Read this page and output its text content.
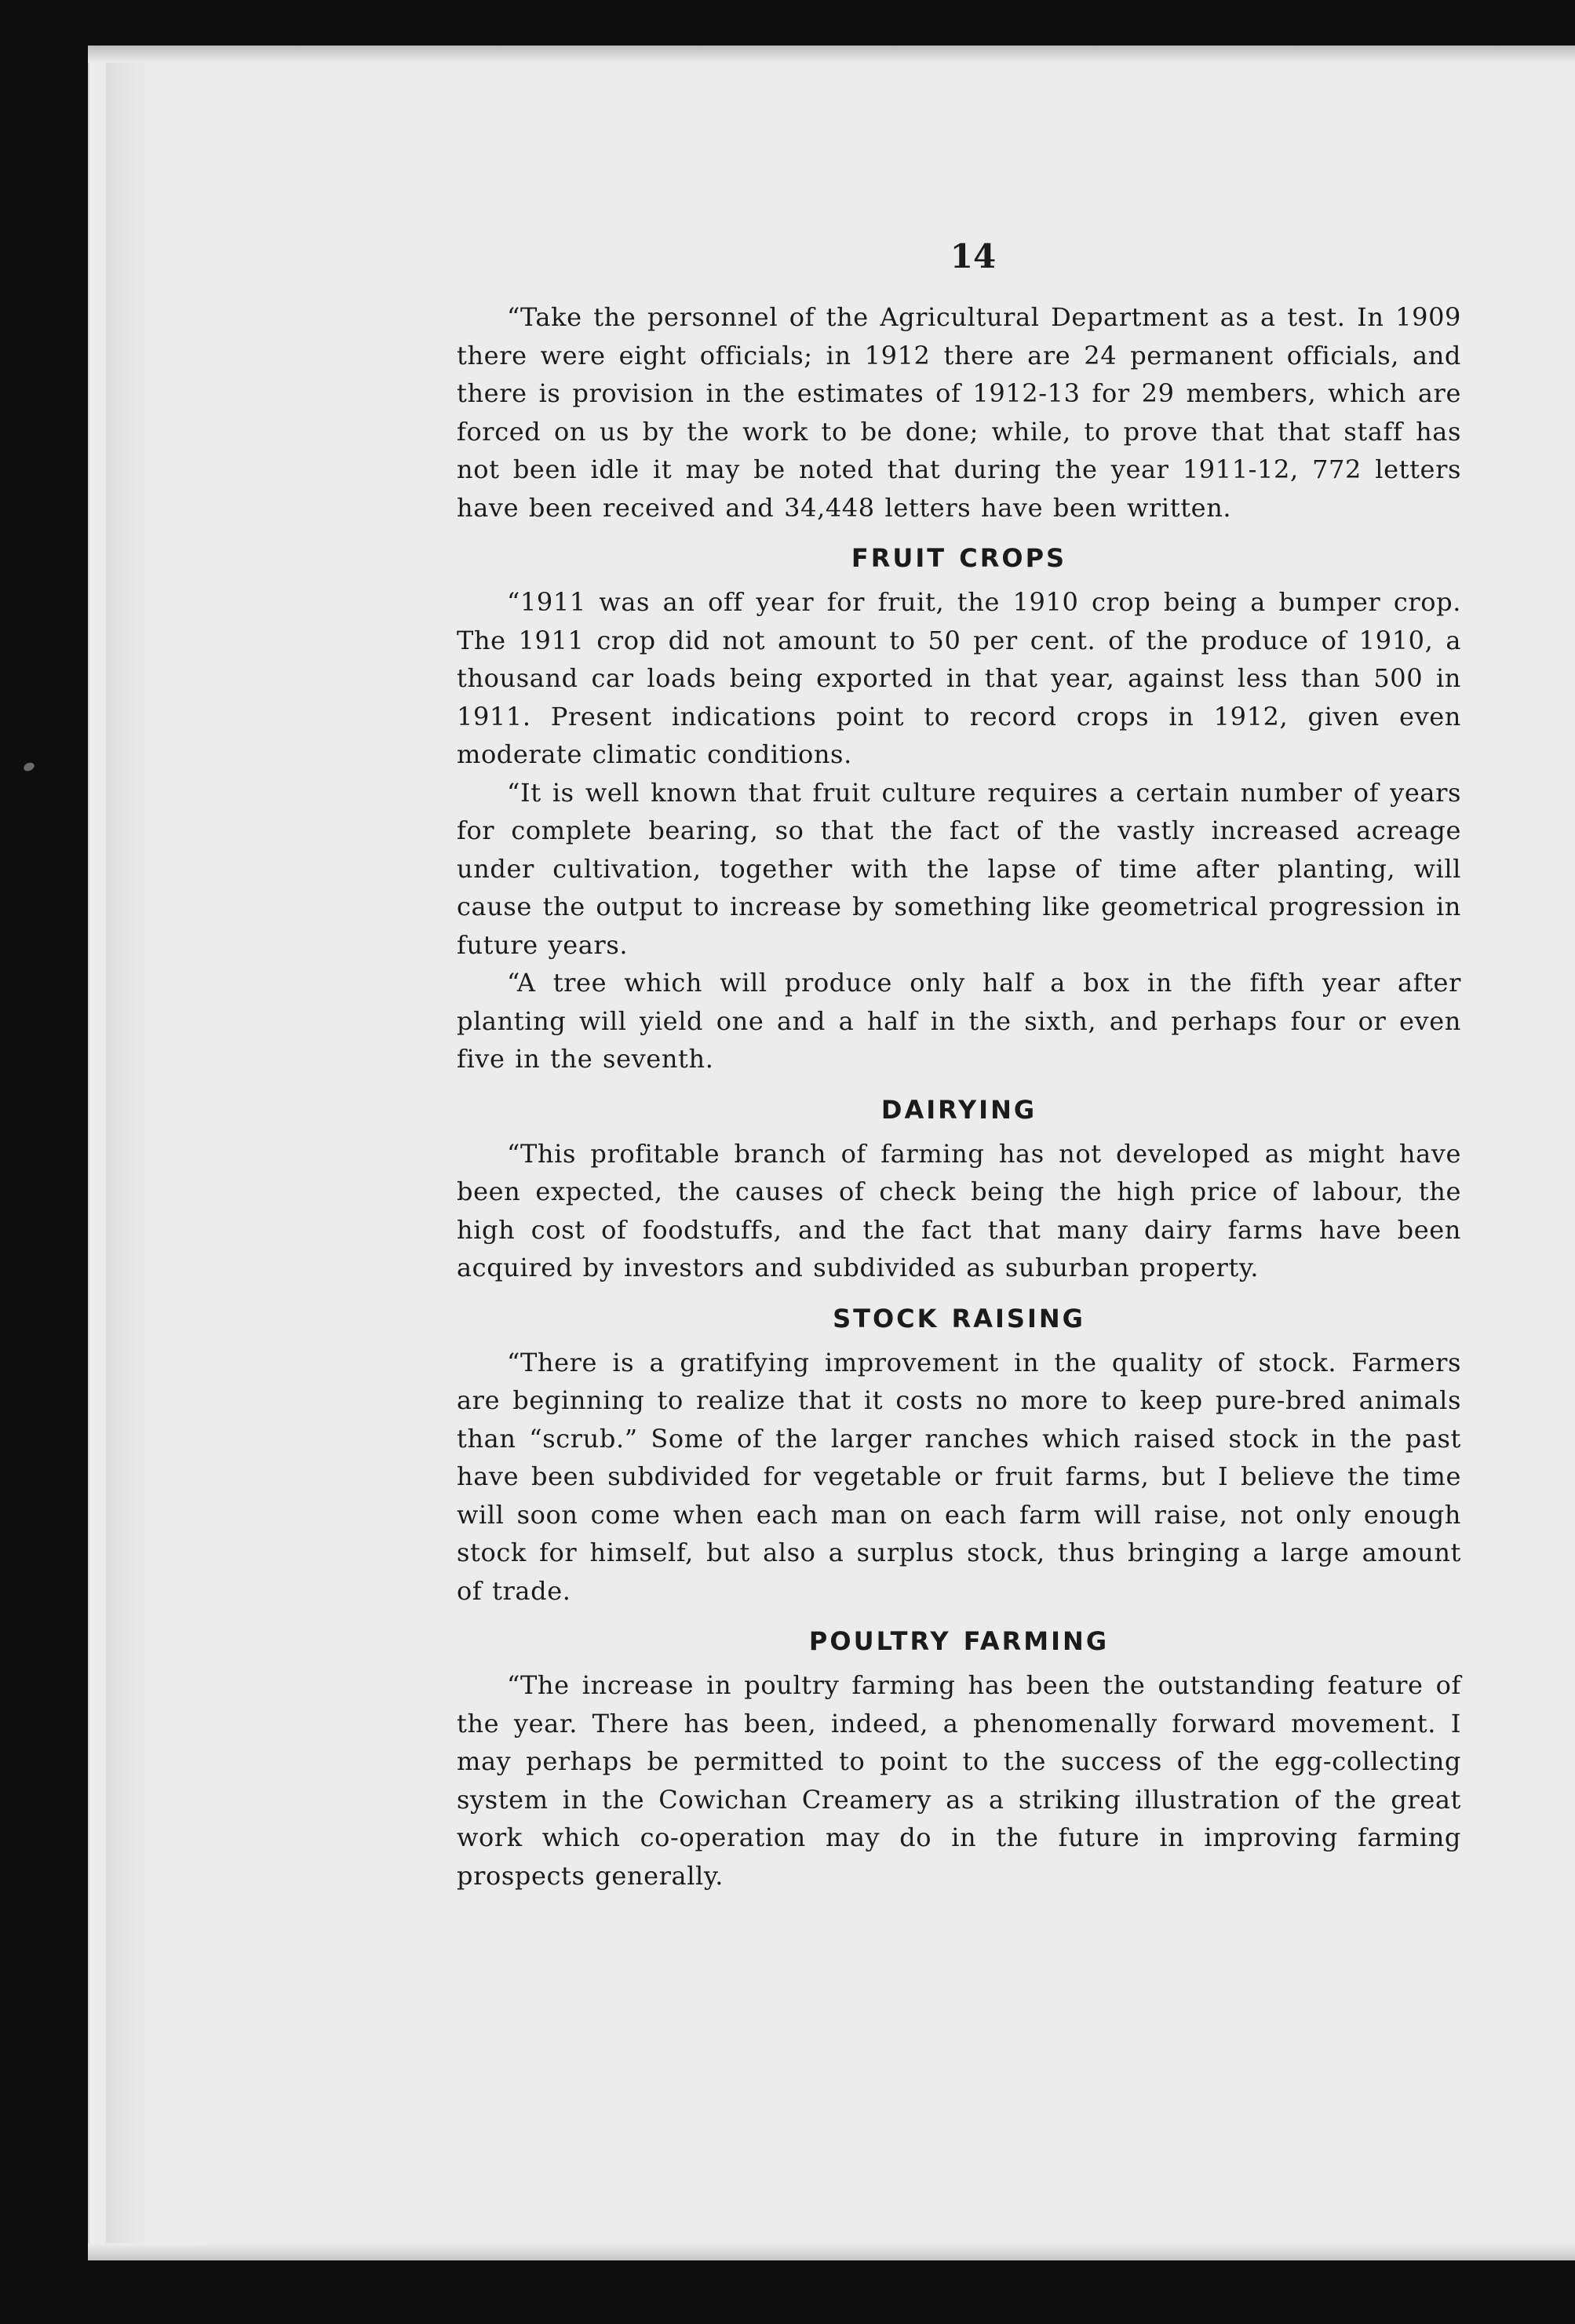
14

“Take the personnel of the Agricultural Department as a test. In 1909 there were eight officials; in 1912 there are 24 permanent officials, and there is provision in the estimates of 1912-13 for 29 members, which are forced on us by the work to be done; while, to prove that that staff has not been idle it may be noted that during the year 1911-12, 772 letters have been received and 34,448 letters have been written.

FRUIT CROPS

“1911 was an off year for fruit, the 1910 crop being a bumper crop. The 1911 crop did not amount to 50 per cent. of the produce of 1910, a thousand car loads being exported in that year, against less than 500 in 1911. Present indications point to record crops in 1912, given even moderate climatic conditions.

“It is well known that fruit culture requires a certain number of years for complete bearing, so that the fact of the vastly increased acreage under cultivation, together with the lapse of time after planting, will cause the output to increase by something like geometrical progression in future years.

“A tree which will produce only half a box in the fifth year after planting will yield one and a half in the sixth, and perhaps four or even five in the seventh.

DAIRYING

“This profitable branch of farming has not developed as might have been expected, the causes of check being the high price of labour, the high cost of foodstuffs, and the fact that many dairy farms have been acquired by investors and subdivided as suburban property.

STOCK RAISING

“There is a gratifying improvement in the quality of stock. Farmers are beginning to realize that it costs no more to keep pure-bred animals than “scrub.” Some of the larger ranches which raised stock in the past have been subdivided for vegetable or fruit farms, but I believe the time will soon come when each man on each farm will raise, not only enough stock for himself, but also a surplus stock, thus bringing a large amount of trade.

POULTRY FARMING

“The increase in poultry farming has been the outstanding feature of the year. There has been, indeed, a phenomenally forward movement. I may perhaps be permitted to point to the success of the egg-collecting system in the Cowichan Creamery as a striking illustration of the great work which co-operation may do in the future in improving farming prospects generally.
